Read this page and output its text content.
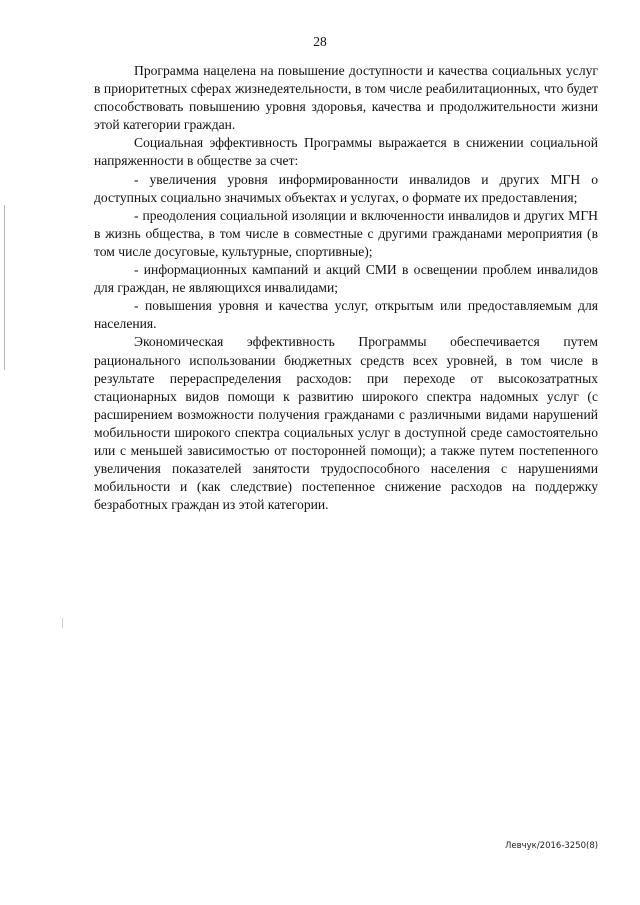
28

Программа нацелена на повышение доступности и качества социальных услуг в приоритетных сферах жизнедеятельности, в том числе реабилитационных, что будет способствовать повышению уровня здоровья, качества и продолжительности жизни этой категории граждан.

Социальная эффективность Программы выражается в снижении социальной напряженности в обществе за счет:

- увеличения уровня информированности инвалидов и других МГН о доступных социально значимых объектах и услугах, о формате их предоставления;

- преодоления социальной изоляции и включенности инвалидов и других МГН в жизнь общества, в том числе в совместные с другими гражданами мероприятия (в том числе досуговые, культурные, спортивные);

- информационных кампаний и акций СМИ в освещении проблем инвалидов для граждан, не являющихся инвалидами;

- повышения уровня и качества услуг, открытым или предоставляемым для населения.

Экономическая эффективность Программы обеспечивается путем рационального использовании бюджетных средств всех уровней, в том числе в результате перераспределения расходов: при переходе от высокозатратных стационарных видов помощи к развитию широкого спектра надомных услуг (с расширением возможности получения гражданами с различными видами нарушений мобильности широкого спектра социальных услуг в доступной среде самостоятельно или с меньшей зависимостью от посторонней помощи); а также путем постепенного увеличения показателей занятости трудоспособного населения с нарушениями мобильности и (как следствие) постепенное снижение расходов на поддержку безработных граждан из этой категории.

Левчук/2016-3250(8)
